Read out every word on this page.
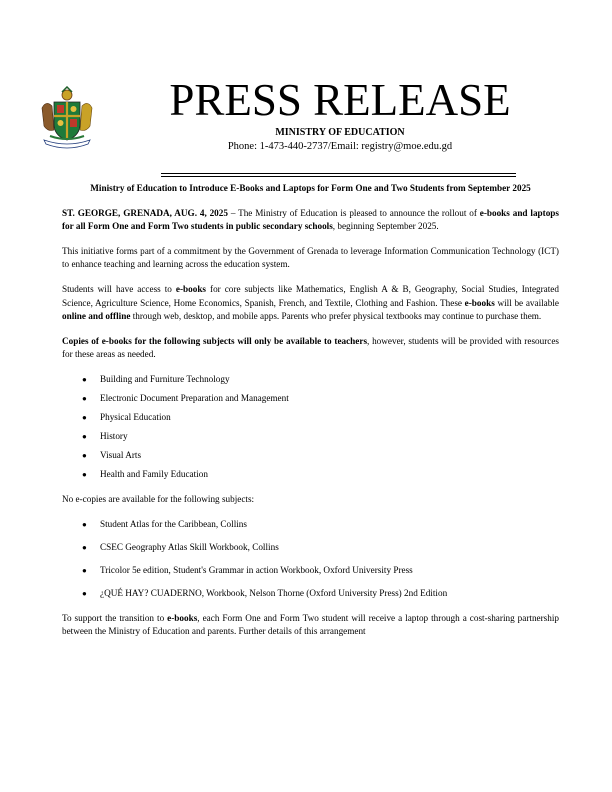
PRESS RELEASE
MINISTRY OF EDUCATION
Phone: 1-473-440-2737/Email: registry@moe.edu.gd
Ministry of Education to Introduce E-Books and Laptops for Form One and Two Students from September 2025

ST. GEORGE, GRENADA, AUG. 4, 2025 – The Ministry of Education is pleased to announce the rollout of e-books and laptops for all Form One and Form Two students in public secondary schools, beginning September 2025.

This initiative forms part of a commitment by the Government of Grenada to leverage Information Communication Technology (ICT) to enhance teaching and learning across the education system.

Students will have access to e-books for core subjects like Mathematics, English A & B, Geography, Social Studies, Integrated Science, Agriculture Science, Home Economics, Spanish, French, and Textile, Clothing and Fashion. These e-books will be available online and offline through web, desktop, and mobile apps. Parents who prefer physical textbooks may continue to purchase them.

Copies of e-books for the following subjects will only be available to teachers, however, students will be provided with resources for these areas as needed.

● Building and Furniture Technology
● Electronic Document Preparation and Management
● Physical Education
● History
● Visual Arts
● Health and Family Education

No e-copies are available for the following subjects:

● Student Atlas for the Caribbean, Collins
● CSEC Geography Atlas Skill Workbook, Collins
● Tricolor 5e edition, Student's Grammar in action Workbook, Oxford University Press
● ¿QUÉ HAY? CUADERNO, Workbook, Nelson Thorne (Oxford University Press) 2nd Edition

To support the transition to e-books, each Form One and Form Two student will receive a laptop through a cost-sharing partnership between the Ministry of Education and parents. Further details of this arrangement
